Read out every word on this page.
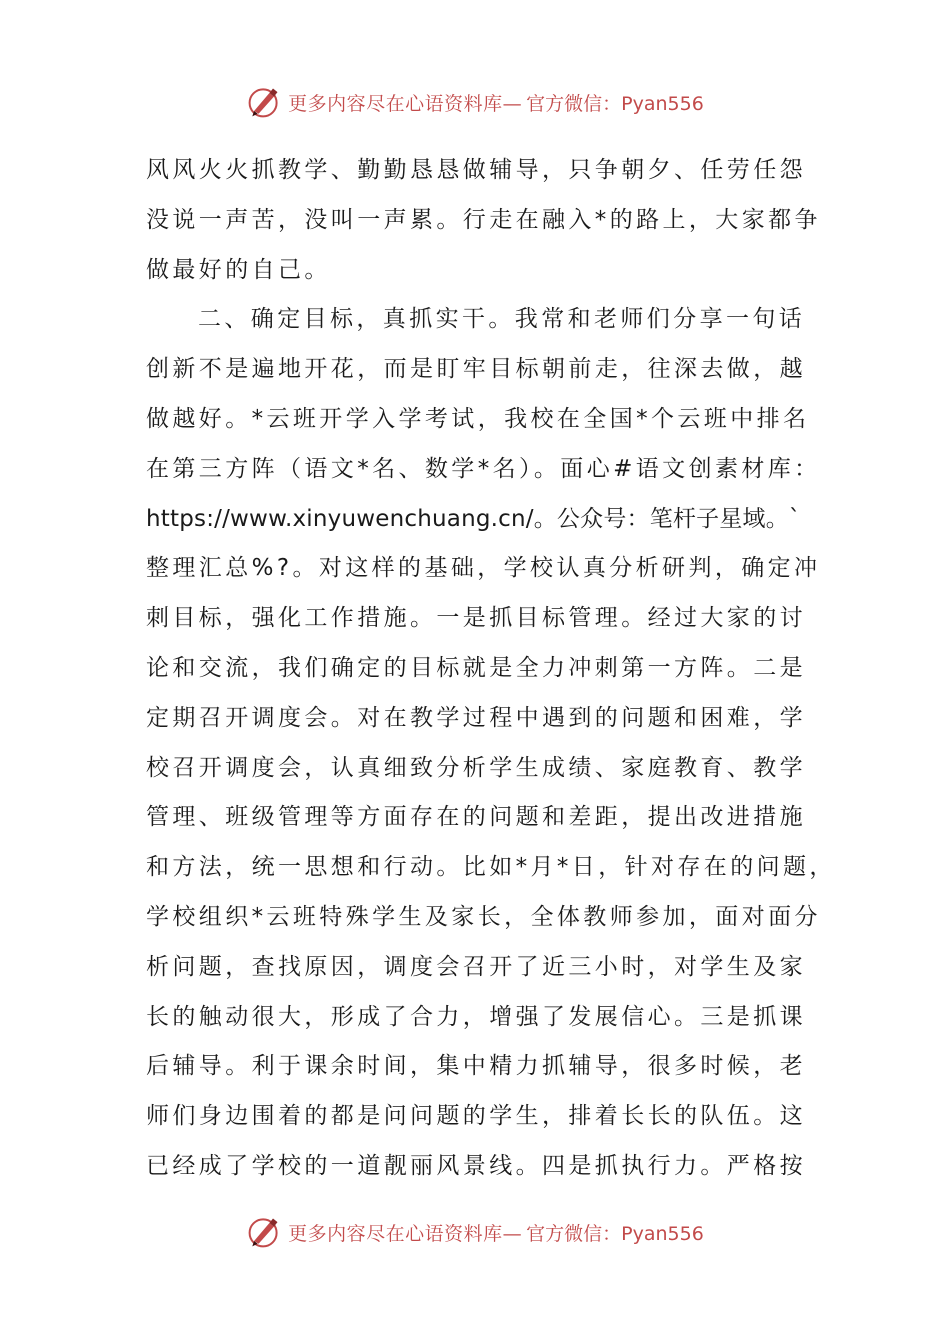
更多内容尽在心语资料库— 官方微信：Pyan556
风风火火抓教学、勤勤恳恳做辅导，只争朝夕、任劳任怨
没说一声苦，没叫一声累。行走在融入*的路上，大家都争
做最好的自己。
二、确定目标，真抓实干。我常和老师们分享一句话
创新不是遍地开花，而是盯牢目标朝前走，往深去做，越
做越好。*云班开学入学考试，我校在全国*个云班中排名
在第三方阵（语文*名、数学*名）。面心#语文创素材库：
https://www.xinyuwenchuang.cn/。公众号：笔杆子星域。`
整理汇总%?。对这样的基础，学校认真分析研判，确定冲
刺目标，强化工作措施。一是抓目标管理。经过大家的讨
论和交流，我们确定的目标就是全力冲刺第一方阵。二是
定期召开调度会。对在教学过程中遇到的问题和困难，学
校召开调度会，认真细致分析学生成绩、家庭教育、教学
管理、班级管理等方面存在的问题和差距，提出改进措施
和方法，统一思想和行动。比如*月*日，针对存在的问题，
学校组织*云班特殊学生及家长，全体教师参加，面对面分
析问题，查找原因，调度会召开了近三小时，对学生及家
长的触动很大，形成了合力，增强了发展信心。三是抓课
后辅导。利于课余时间，集中精力抓辅导，很多时候，老
师们身边围着的都是问问题的学生，排着长长的队伍。这
已经成了学校的一道靓丽风景线。四是抓执行力。严格按
更多内容尽在心语资料库— 官方微信：Pyan556
